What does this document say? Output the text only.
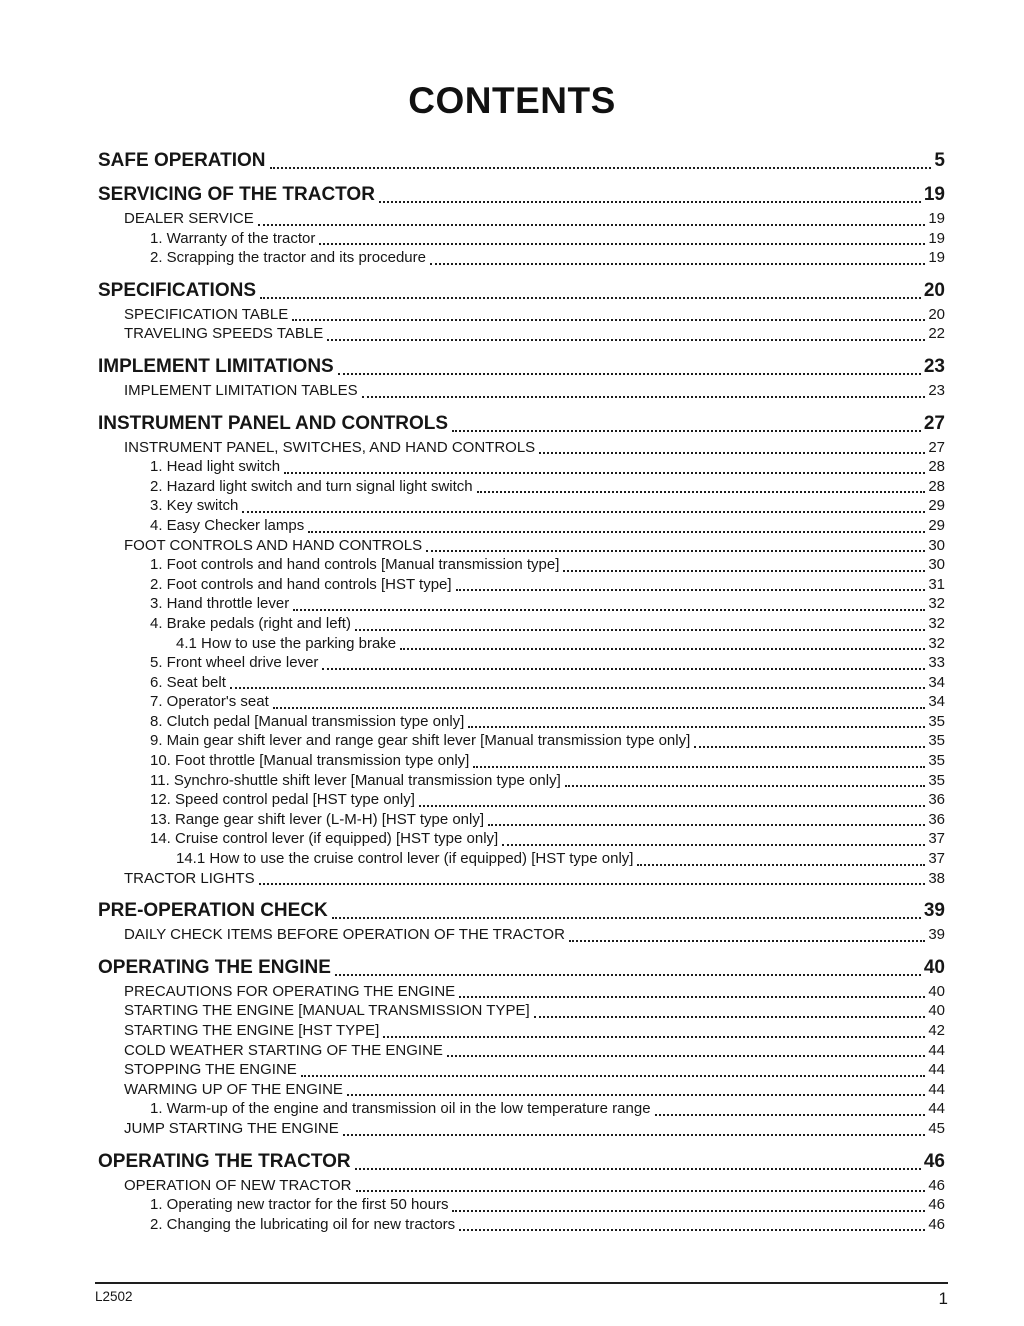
CONTENTS
SAFE OPERATION	5
SERVICING OF THE TRACTOR	19
DEALER SERVICE	19
1. Warranty of the tractor	19
2. Scrapping the tractor and its procedure	19
SPECIFICATIONS	20
SPECIFICATION TABLE	20
TRAVELING SPEEDS TABLE	22
IMPLEMENT LIMITATIONS	23
IMPLEMENT LIMITATION TABLES	23
INSTRUMENT PANEL AND CONTROLS	27
INSTRUMENT PANEL, SWITCHES, AND HAND CONTROLS	27
1. Head light switch	28
2. Hazard light switch and turn signal light switch	28
3. Key switch	29
4. Easy Checker lamps	29
FOOT CONTROLS AND HAND CONTROLS	30
1. Foot controls and hand controls [Manual transmission type]	30
2. Foot controls and hand controls [HST type]	31
3. Hand throttle lever	32
4. Brake pedals (right and left)	32
4.1 How to use the parking brake	32
5. Front wheel drive lever	33
6. Seat belt	34
7. Operator's seat	34
8. Clutch pedal [Manual transmission type only]	35
9. Main gear shift lever and range gear shift lever [Manual transmission type only]	35
10. Foot throttle [Manual transmission type only]	35
11. Synchro-shuttle shift lever [Manual transmission type only]	35
12. Speed control pedal [HST type only]	36
13. Range gear shift lever (L-M-H) [HST type only]	36
14. Cruise control lever (if equipped) [HST type only]	37
14.1 How to use the cruise control lever (if equipped) [HST type only]	37
TRACTOR LIGHTS	38
PRE-OPERATION CHECK	39
DAILY CHECK ITEMS BEFORE OPERATION OF THE TRACTOR	39
OPERATING THE ENGINE	40
PRECAUTIONS FOR OPERATING THE ENGINE	40
STARTING THE ENGINE [MANUAL TRANSMISSION TYPE]	40
STARTING THE ENGINE [HST TYPE]	42
COLD WEATHER STARTING OF THE ENGINE	44
STOPPING THE ENGINE	44
WARMING UP OF THE ENGINE	44
1. Warm-up of the engine and transmission oil in the low temperature range	44
JUMP STARTING THE ENGINE	45
OPERATING THE TRACTOR	46
OPERATION OF NEW TRACTOR	46
1. Operating new tractor for the first 50 hours	46
2. Changing the lubricating oil for new tractors	46
L2502	1
